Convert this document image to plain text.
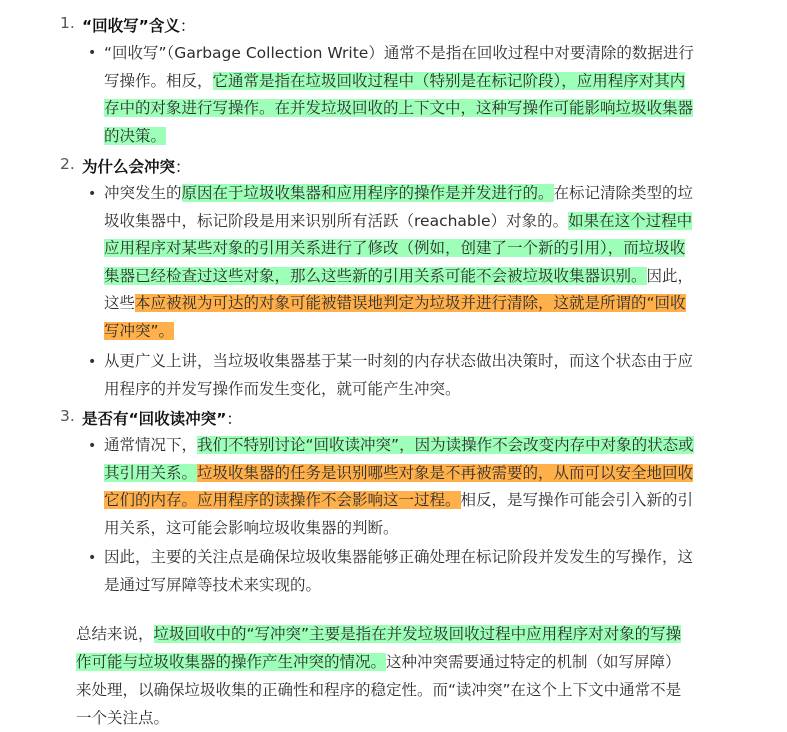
1. “回收写”含义：
• “回收写”（Garbage Collection Write）通常不是指在回收过程中对要清除的数据进行写操作。相反，它通常是指在垃圾回收过程中（特别是在标记阶段），应用程序对其内存中的对象进行写操作。在并发垃圾回收的上下文中，这种写操作可能影响垃圾收集器的决策。
2. 为什么会冲突：
• 冲突发生的原因在于垃圾收集器和应用程序的操作是并发进行的。在标记清除类型的垃圾收集器中，标记阶段是用来识别所有活跃（reachable）对象的。如果在这个过程中应用程序对某些对象的引用关系进行了修改（例如，创建了一个新的引用），而垃圾收集器已经检查过这些对象，那么这些新的引用关系可能不会被垃圾收集器识别。因此，这些本应被视为可达的对象可能被错误地判定为垃圾并进行清除，这就是所谓的“回收写冲突”。
• 从更广义上讲，当垃圾收集器基于某一时刻的内存状态做出决策时，而这个状态由于应用程序的并发写操作而发生变化，就可能产生冲突。
3. 是否有“回收读冲突”：
• 通常情况下，我们不特别讨论“回收读冲突”，因为读操作不会改变内存中对象的状态或其引用关系。垃圾收集器的任务是识别哪些对象是不再被需要的，从而可以安全地回收它们的内存。应用程序的读操作不会影响这一过程。相反，是写操作可能会引入新的引用关系，这可能会影响垃圾收集器的判断。
• 因此，主要的关注点是确保垃圾收集器能够正确处理在标记阶段并发发生的写操作，这是通过写屏障等技术来实现的。
总结来说，垃圾回收中的“写冲突”主要是指在并发垃圾回收过程中应用程序对对象的写操作可能与垃圾收集器的操作产生冲突的情况。这种冲突需要通过特定的机制（如写屏障）来处理，以确保垃圾收集的正确性和程序的稳定性。而“读冲突”在这个上下文中通常不是一个关注点。
